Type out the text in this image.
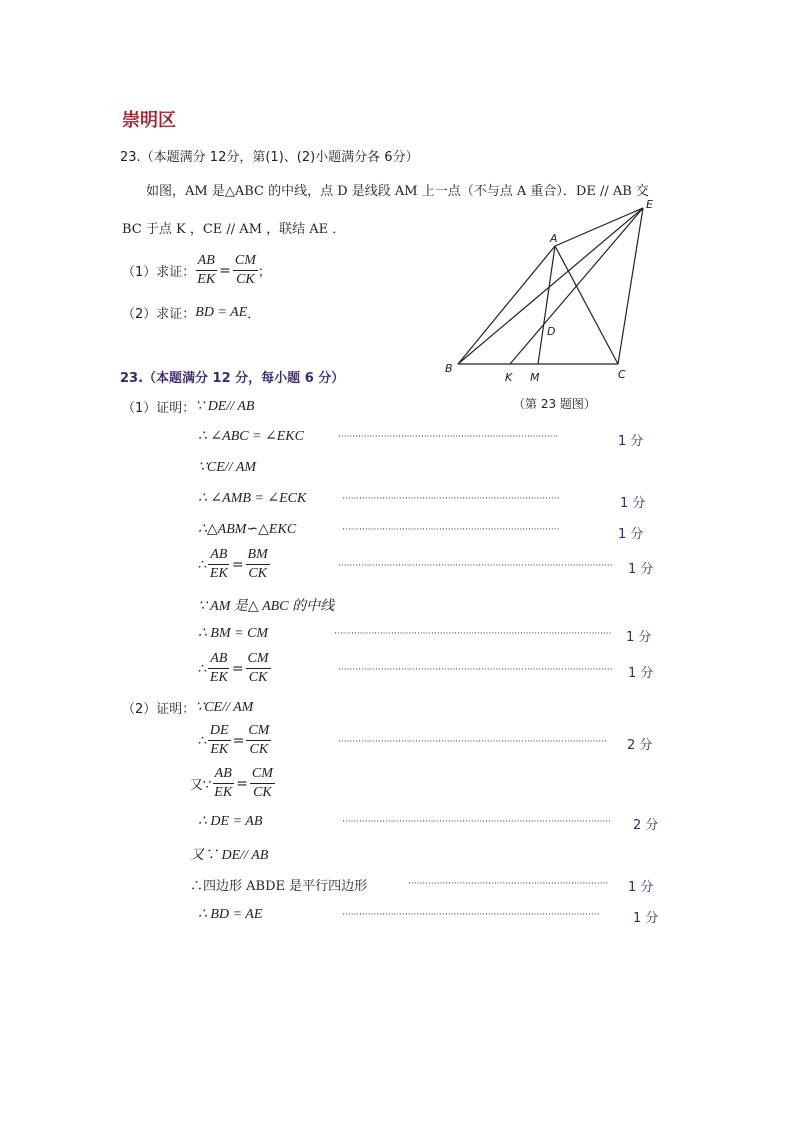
崇明区
23.（本题满分 12分，第(1)、(2)小题满分各 6分）
如图，AM 是△ABC 的中线，点 D 是线段 AM 上一点（不与点 A 重合）．DE // AB 交
BC 于点 K ，CE // AM ，联结 AE ．
（1）求证： $\frac{AB}{EK} = \frac{CM}{CK}$ ；
（2）求证： BD = AE ．
A
B	C
D
E
K M
（第 23 题图）
23.（本题满分 12 分，每小题 6 分）
（1）证明： ∵ DE// AB
∴ ∠ABC = ∠EKC	·············································································	1 分
∵CE// AM
∴ ∠AMB = ∠ECK	············································································	1 分
∴△ABM∽△EKC	············································································	1 分
∴ $\frac{AB}{EK} = \frac{BM}{CK}$	································································································ 1 分
∵ AM 是△ ABC 的中线
∴ BM = CM	································································································· 1 分
∴ $\frac{AB}{EK} = \frac{CM}{CK}$	································································································ 1 分
（2）证明： ∵CE// AM
∴ $\frac{DE}{EK} = \frac{CM}{CK}$	······························································································ 2 分
又∵ $\frac{AB}{EK} = \frac{CM}{CK}$
∴ DE = AB	······························································································ 2 分
又∵ DE// AB
∴四边形 ABDE 是平行四边形	······································································ 1 分
∴ BD = AE	··························································································	1 分
